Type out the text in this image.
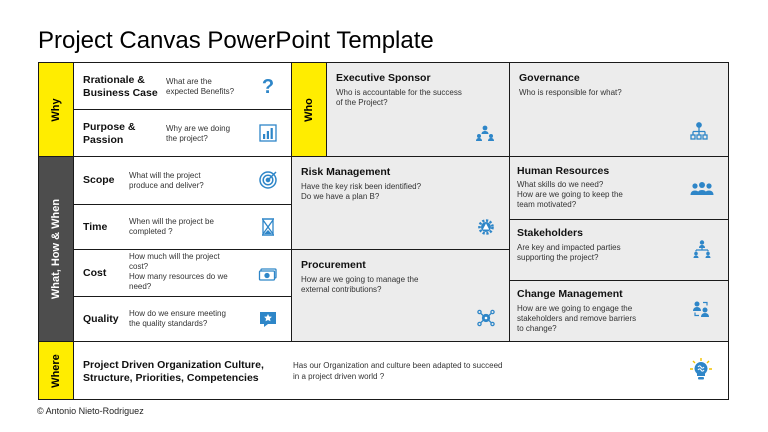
Project Canvas PowerPoint Template
Why
Rrationale &
Business Case
What are the
expected Benefits? ?
Purpose &
Passion
Why are we doing
the project?
Who
Executive Sponsor
Who is accountable for the success
of the Project?
Governance
Who is responsible for what?
What, How & When
Scope What will the project
produce and deliver?
Time	When will the project be
completed ?
Cost
How much will the project
cost?
How many resources do we
need?
Quality How do we ensure meeting
the quality standards?
Risk Management
Have the key risk been identified?
Do we have a plan B?
Procurement
How are we going to manage the
external contributions?
Human Resources
What skills do we need?
How are we going to keep the
team motivated?
Stakeholders
Are key and impacted parties
supporting the project?
Change Management
How are we going to engage the
stakeholders and remove barriers
to change?
Where Project Driven Organization Culture,
Structure, Priorities, Competencies
Has our Organization and culture been adapted to succeed
in a project driven world ?
© Antonio Nieto-Rodriguez
